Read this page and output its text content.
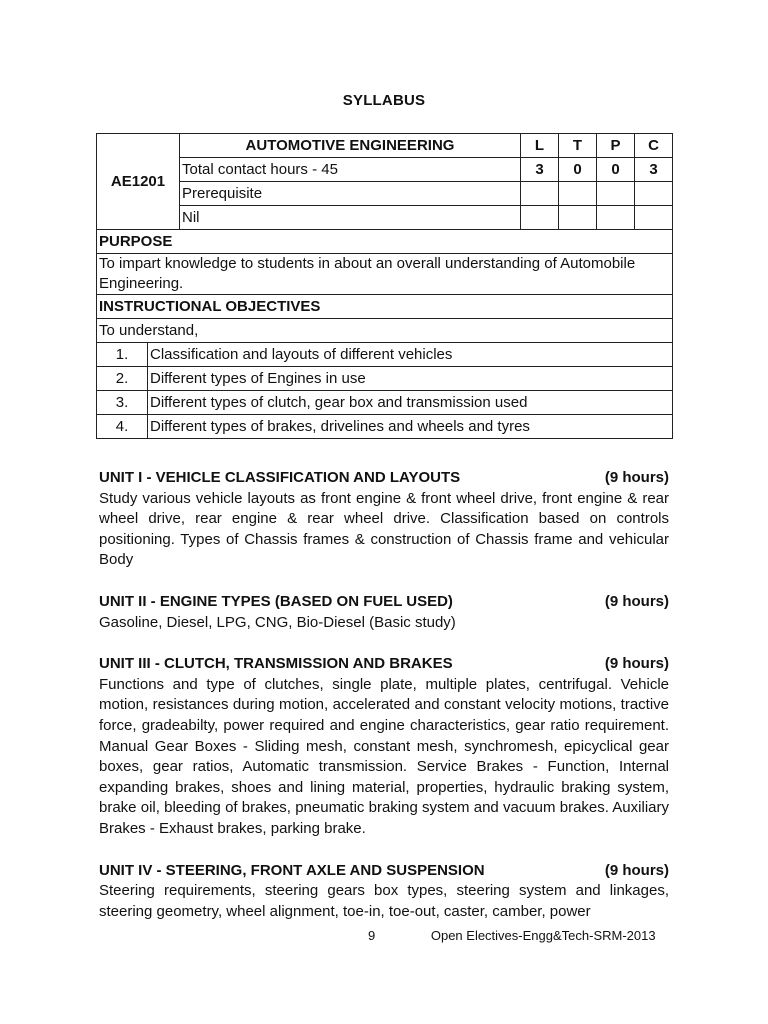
SYLLABUS
AE1201	AUTOMOTIVE ENGINEERING	L	T	P	C
Total contact hours - 45	3	0	0	3
Prerequisite				
Nil				
PURPOSE
To impart knowledge to students in about an overall understanding of Automobile Engineering.
INSTRUCTIONAL OBJECTIVES
To understand,

1.	Classification and layouts of different vehicles

2.	Different types of Engines in use

3.	Different types of clutch, gear box and transmission used

4.	Different types of brakes, drivelines and wheels and tyres
UNIT I - VEHICLE CLASSIFICATION AND LAYOUTS	(9 hours)
Study various vehicle layouts as front engine & front wheel drive, front engine & rear wheel drive, rear engine & rear wheel drive. Classification based on controls positioning. Types of Chassis frames & construction of Chassis frame and vehicular Body
UNIT II - ENGINE TYPES (BASED ON FUEL USED)	(9 hours)
Gasoline, Diesel, LPG, CNG, Bio-Diesel (Basic study)
UNIT III - CLUTCH, TRANSMISSION AND BRAKES	(9 hours)
Functions and type of clutches, single plate, multiple plates, centrifugal. Vehicle motion, resistances during motion, accelerated and constant velocity motions, tractive force, gradeabilty, power required and engine characteristics, gear ratio requirement. Manual Gear Boxes - Sliding mesh, constant mesh, synchromesh, epicyclical gear boxes, gear ratios, Automatic transmission. Service Brakes - Function, Internal expanding brakes, shoes and lining material, properties, hydraulic braking system, brake oil, bleeding of brakes, pneumatic braking system and vacuum brakes. Auxiliary Brakes - Exhaust brakes, parking brake.
UNIT IV - STEERING, FRONT AXLE AND SUSPENSION	(9 hours)
Steering requirements, steering gears box types, steering system and linkages, steering geometry, wheel alignment, toe-in, toe-out, caster, camber, power
9	Open Electives-Engg&Tech-SRM-2013
